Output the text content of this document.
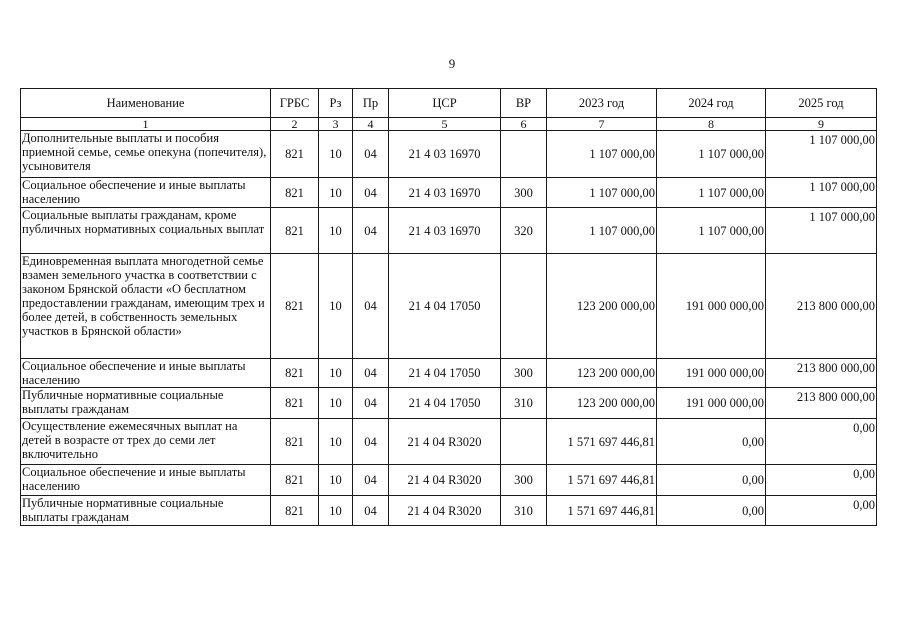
9
Наименование	ГРБС	Рз	Пр	ЦСР	ВР	2023 год	2024 год	2025 год
1	2	3	4	5	6	7	8	9
Дополнительные выплаты и пособия приемной семье, семье опекуна (попечителя), усыновителя	821	10	04	21 4 03 16970		1 107 000,00	1 107 000,00	1 107 000,00
Социальное обеспечение и иные выплаты населению	821	10	04	21 4 03 16970	300	1 107 000,00	1 107 000,00	1 107 000,00
Социальные выплаты гражданам, кроме публичных нормативных социальных выплат	821	10	04	21 4 03 16970	320	1 107 000,00	1 107 000,00	1 107 000,00
Единовременная выплата многодетной семье взамен земельного участка в соответствии с законом Брянской области «О бесплатном предоставлении гражданам, имеющим трех и более детей, в собственность земельных участков в Брянской области»	821	10	04	21 4 04 17050		123 200 000,00	191 000 000,00	213 800 000,00
Социальное обеспечение и иные выплаты населению	821	10	04	21 4 04 17050	300	123 200 000,00	191 000 000,00	213 800 000,00
Публичные нормативные социальные выплаты гражданам	821	10	04	21 4 04 17050	310	123 200 000,00	191 000 000,00	213 800 000,00
Осуществление ежемесячных выплат на детей в возрасте от трех до семи лет включительно	821	10	04	21 4 04 R3020		1 571 697 446,81	0,00	0,00
Социальное обеспечение и иные выплаты населению	821	10	04	21 4 04 R3020	300	1 571 697 446,81	0,00	0,00
Публичные нормативные социальные выплаты гражданам	821	10	04	21 4 04 R3020	310	1 571 697 446,81	0,00	0,00
